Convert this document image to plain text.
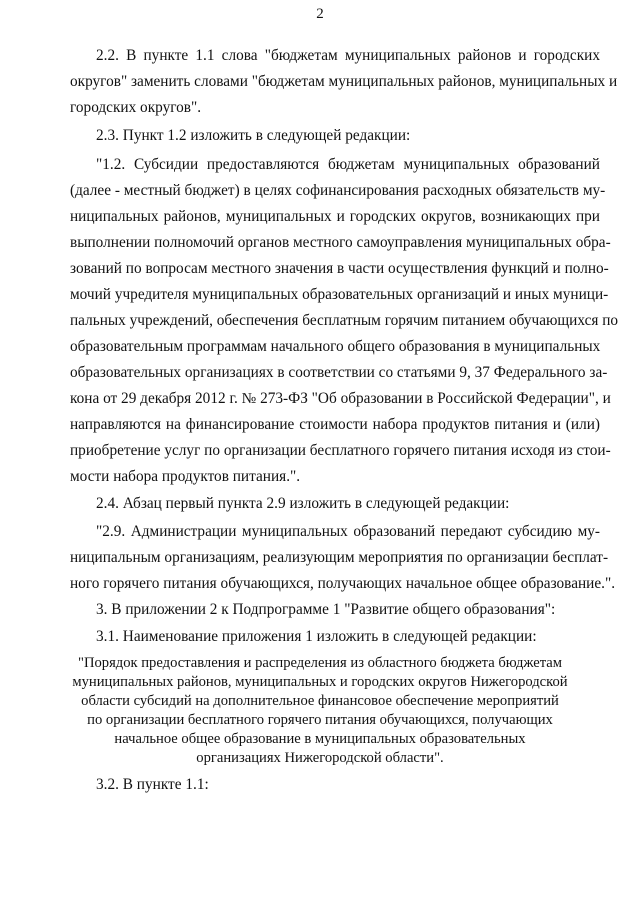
2
2.2. В пункте 1.1 слова "бюджетам муниципальных районов и городских
округов" заменить словами "бюджетам муниципальных районов, муниципальных и
городских округов".
2.3. Пункт 1.2 изложить в следующей редакции:
"1.2. Субсидии предоставляются бюджетам муниципальных образований
(далее - местный бюджет) в целях софинансирования расходных обязательств му-
ниципальных районов, муниципальных и городских округов, возникающих при
выполнении полномочий органов местного самоуправления муниципальных обра-
зований по вопросам местного значения в части осуществления функций и полно-
мочий учредителя муниципальных образовательных организаций и иных муници-
пальных учреждений, обеспечения бесплатным горячим питанием обучающихся по
образовательным программам начального общего образования в муниципальных
образовательных организациях в соответствии со статьями 9, 37 Федерального за-
кона от 29 декабря 2012 г. № 273-ФЗ "Об образовании в Российской Федерации", и
направляются на финансирование стоимости набора продуктов питания и (или)
приобретение услуг по организации бесплатного горячего питания исходя из стои-
мости набора продуктов питания.".
2.4. Абзац первый пункта 2.9 изложить в следующей редакции:
"2.9. Администрации муниципальных образований передают субсидию му-
ниципальным организациям, реализующим мероприятия по организации бесплат-
ного горячего питания обучающихся, получающих начальное общее образование.".
3. В приложении 2 к Подпрограмме 1 "Развитие общего образования":
3.1. Наименование приложения 1 изложить в следующей редакции:
"Порядок предоставления и распределения из областного бюджета бюджетам
муниципальных районов, муниципальных и городских округов Нижегородской
области субсидий на дополнительное финансовое обеспечение мероприятий
по организации бесплатного горячего питания обучающихся, получающих
начальное общее образование в муниципальных образовательных
организациях Нижегородской области".
3.2. В пункте 1.1:
